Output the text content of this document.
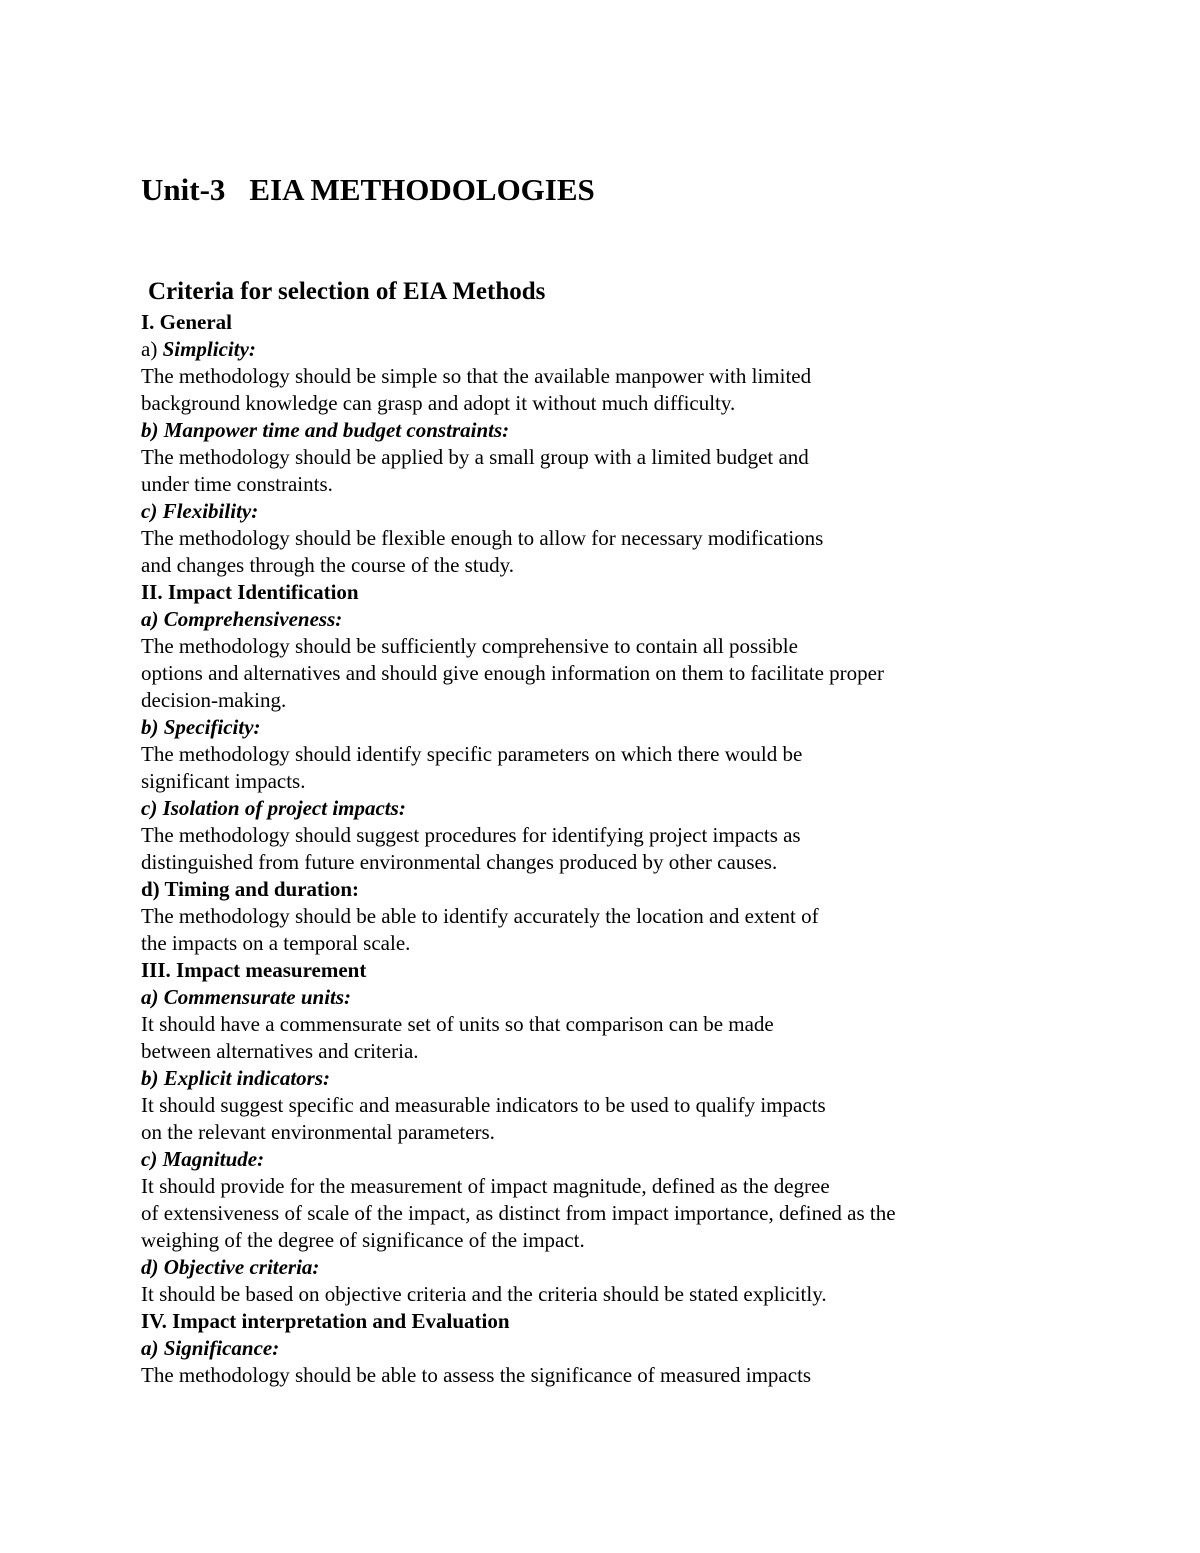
Unit-3 EIA METHODOLOGIES
Criteria for selection of EIA Methods
I. General
a) Simplicity:
The methodology should be simple so that the available manpower with limited
background knowledge can grasp and adopt it without much difficulty.
b) Manpower time and budget constraints:
The methodology should be applied by a small group with a limited budget and
under time constraints.
c) Flexibility:
The methodology should be flexible enough to allow for necessary modifications
and changes through the course of the study.
II. Impact Identification
a) Comprehensiveness:
The methodology should be sufficiently comprehensive to contain all possible
options and alternatives and should give enough information on them to facilitate proper
decision-making.
b) Specificity:
The methodology should identify specific parameters on which there would be
significant impacts.
c) Isolation of project impacts:
The methodology should suggest procedures for identifying project impacts as
distinguished from future environmental changes produced by other causes.
d) Timing and duration:
The methodology should be able to identify accurately the location and extent of
the impacts on a temporal scale.
III. Impact measurement
a) Commensurate units:
It should have a commensurate set of units so that comparison can be made
between alternatives and criteria.
b) Explicit indicators:
It should suggest specific and measurable indicators to be used to qualify impacts
on the relevant environmental parameters.
c) Magnitude:
It should provide for the measurement of impact magnitude, defined as the degree
of extensiveness of scale of the impact, as distinct from impact importance, defined as the
weighing of the degree of significance of the impact.
d) Objective criteria:
It should be based on objective criteria and the criteria should be stated explicitly.
IV. Impact interpretation and Evaluation
a) Significance:
The methodology should be able to assess the significance of measured impacts
